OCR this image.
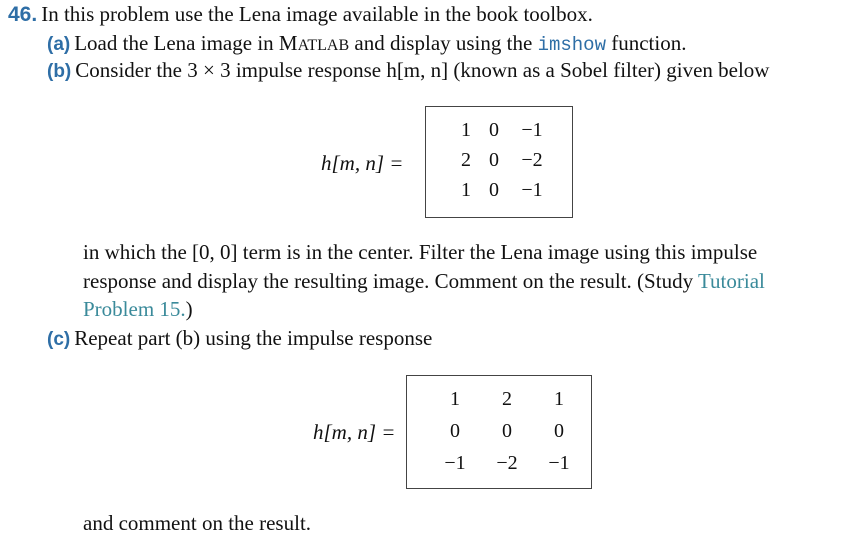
46. In this problem use the Lena image available in the book toolbox.
(a) Load the Lena image in MATLAB and display using the imshow function.
(b) Consider the 3 × 3 impulse response h[m, n] (known as a Sobel filter) given below
h[m, n] =
1 0	−1
2 0	−2
1 0	−1
in which the [0, 0] term is in the center. Filter the Lena image using this impulse
response and display the resulting image. Comment on the result. (Study Tutorial
Problem 15.)
(c) Repeat part (b) using the impulse response
h[m, n] =
1	2	1
0	0	0
−1	−2	−1
and comment on the result.
